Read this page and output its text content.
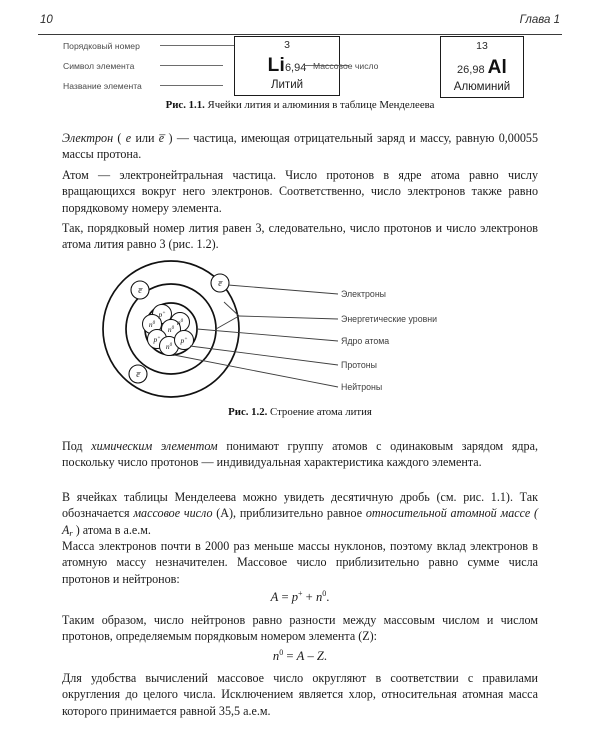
10	Глава 1
Порядковый номер
Символ элемента
Название элемента
3
Li6,94
Литий
Массовое число
13
26,98 Al
Алюминий
Рис. 1.1. Ячейки лития и алюминия в таблице Менделеева
Электрон ( e или e̅ ) — частица, имеющая отрицательный заряд и массу, равную 0,00055 массы протона.
Атом — электронейтральная частица. Число протонов в ядре атома равно числу вращающихся вокруг него электронов. Соответственно, число электронов также равно порядковому номеру элемента.
Так, порядковый номер лития равен 3, следовательно, число протонов и число электронов атома лития равно 3 (рис. 1.2).
p+
$n^0$
$n^0$
$n^0$
p+
$n^0$
p+
e̅
e̅
e̅
Электроны
Энергетические уровни
Ядро атома
Протоны
Нейтроны
Рис. 1.2. Строение атома лития
Под химическим элементом понимают группу атомов с одинаковым зарядом ядра, поскольку число протонов — индивидуальная характеристика каждого элемента.
В ячейках таблицы Менделеева можно увидеть десятичную дробь (см. рис. 1.1). Так обозначается массовое число (A), приблизительно равное относительной атомной массе ( Ar ) атома в а.е.м.
Масса электронов почти в 2000 раз меньше массы нуклонов, поэтому вклад электронов в атомную массу незначителен. Массовое число приблизительно равно сумме числа протонов и нейтронов:
$A = p^+ + n^0$.
Таким образом, число нейтронов равно разности между массовым числом и числом протонов, определяемым порядковым номером элемента (Z):
$n^0 = A - Z$.
Для удобства вычислений массовое число округляют в соответствии с правилами округления до целого числа. Исключением является хлор, относительная атомная масса которого принимается равной 35,5 а.е.м.
